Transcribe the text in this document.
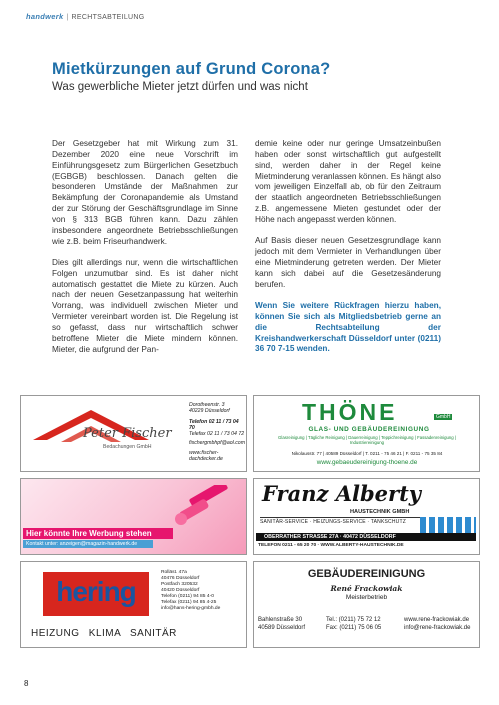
handwerk | RECHTSABTEILUNG
Mietkürzungen auf Grund Corona?
Was gewerbliche Mieter jetzt dürfen und was nicht

Der Gesetzgeber hat mit Wirkung zum 31. Dezember 2020 eine neue Vorschrift im Einführungsgesetz zum Bürgerlichen Gesetzbuch (EGBGB) beschlossen. Danach gelten die besonderen Umstände der Maßnahmen zur Bekämpfung der Coronapandemie als Umstand der zur Störung der Geschäftsgrundlage im Sinne von § 313 BGB führen kann. Dazu zählen insbesondere angeordnete Betriebsschließungen wie z.B. beim Friseurhandwerk.

Dies gilt allerdings nur, wenn die wirtschaftlichen Folgen unzumutbar sind. Es ist daher nicht automatisch gestattet die Miete zu kürzen. Auch nach der neuen Gesetzanpassung hat weiterhin Vorrang, was individuell zwischen Mieter und Vermieter vereinbart worden ist. Die Regelung ist so gefasst, dass nur wirtschaftlich schwer betroffene Mieter die Miete mindern können. Mieter, die aufgrund der Pan-

demie keine oder nur geringe Umsatzeinbußen haben oder sonst wirtschaftlich gut aufgestellt sind, werden daher in der Regel keine Mietminderung veranlassen können. Es hängt also vom jeweiligen Einzelfall ab, ob für den Zeitraum der staatlich angeordneten Betriebsschließungen z.B. angemessene Mieten gestundet oder der Höhe nach angepasst werden können.

Auf Basis dieser neuen Gesetzesgrundlage kann jedoch mit dem Vermieter in Verhandlungen über eine Mietminderung getreten werden. Der Mieter kann sich dabei auf die Gesetzesänderung berufen.

Wenn Sie weitere Rückfragen hierzu haben, können Sie sich als Mitgliedsbetrieb gerne an die Rechtsabteilung der Kreishandwerkerschaft Düsseldorf unter (0211) 36 70 7-15 wenden.

Peter Fischer
Bedachungen GmbH
Dorotheenstr. 3
40229 Düsseldorf
Telefon 02 11 / 73 04 70
Telefax 02 11 / 73 04 72
fischergmbhpf@aol.com
www.fischer-dachdecker.de
THÖNE	GmbH
GLAS- UND GEBÄUDEREINIGUNG
Glasreinigung | Tägliche Reinigung | Dauerreinigung | Teppichreinigung | Fassadenreinigung | Industriereinigung
Nikolausstr. 77 | 40589 Düsseldorf | T. 0211 - 75 46 21 | F. 0211 - 75 35 84
www.gebaeudereinigung-thoene.de
Hier könnte Ihre Werbung stehen
Kontakt unter: anzeigen@magazin-handwerk.de
Franz Alberty
HAUSTECHNIK GMBH
SANITÄR-SERVICE · HEIZUNGS-SERVICE · TANKSCHUTZ
OBERRATHER STRASSE 27A · 40472 DÜSSELDORF
TELEFON 0211 - 65 20 70 · WWW.ALBERTY-HAUSTECHNIK.DE
hering
HEIZUNG KLIMA SANITÄR
Rolläst. 47a
40476 Düsseldorf
Postfach 320532
40420 Düsseldorf
Telefon (0211) 94 85 4-0
Telefax (0211) 94 85 4-25
info@hans-hering-gmbh.de
GEBÄUDEREINIGUNG
René Frackowiak
Meisterbetrieb
Bahlenstraße 30
40589 Düsseldorf
Tel.: (0211) 75 72 12
Fax: (0211) 75 06 05
www.rene-frackowiak.de
info@rene-frackowiak.de
8
